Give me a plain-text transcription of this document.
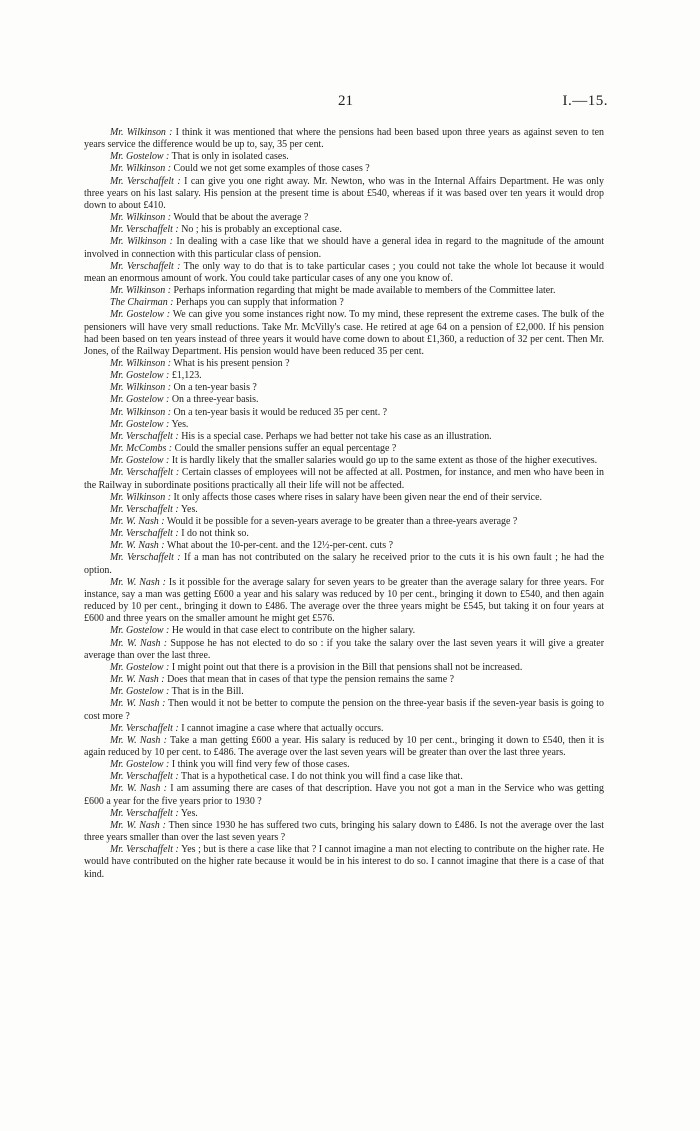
21	I.—15.

Mr. Wilkinson : I think it was mentioned that where the pensions had been based upon three years as against seven to ten years service the difference would be up to, say, 35 per cent.

Mr. Gostelow : That is only in isolated cases.

Mr. Wilkinson : Could we not get some examples of those cases ?

Mr. Verschaffelt : I can give you one right away. Mr. Newton, who was in the Internal Affairs Department. He was only three years on his last salary. His pension at the present time is about £540, whereas if it was based over ten years it would drop down to about £410.

Mr. Wilkinson : Would that be about the average ?

Mr. Verschaffelt : No ; his is probably an exceptional case.

Mr. Wilkinson : In dealing with a case like that we should have a general idea in regard to the magnitude of the amount involved in connection with this particular class of pension.

Mr. Verschaffelt : The only way to do that is to take particular cases ; you could not take the whole lot because it would mean an enormous amount of work. You could take particular cases of any one you know of.

Mr. Wilkinson : Perhaps information regarding that might be made available to members of the Committee later.

The Chairman : Perhaps you can supply that information ?

Mr. Gostelow : We can give you some instances right now. To my mind, these represent the extreme cases. The bulk of the pensioners will have very small reductions. Take Mr. McVilly's case. He retired at age 64 on a pension of £2,000. If his pension had been based on ten years instead of three years it would have come down to about £1,360, a reduction of 32 per cent. Then Mr. Jones, of the Railway Department. His pension would have been reduced 35 per cent.

Mr. Wilkinson : What is his present pension ?

Mr. Gostelow : £1,123.

Mr. Wilkinson : On a ten-year basis ?

Mr. Gostelow : On a three-year basis.

Mr. Wilkinson : On a ten-year basis it would be reduced 35 per cent. ?

Mr. Gostelow : Yes.

Mr. Verschaffelt : His is a special case. Perhaps we had better not take his case as an illustration.

Mr. McCombs : Could the smaller pensions suffer an equal percentage ?

Mr. Gostelow : It is hardly likely that the smaller salaries would go up to the same extent as those of the higher executives.

Mr. Verschaffelt : Certain classes of employees will not be affected at all. Postmen, for instance, and men who have been in the Railway in subordinate positions practically all their life will not be affected.

Mr. Wilkinson : It only affects those cases where rises in salary have been given near the end of their service.

Mr. Verschaffelt : Yes.

Mr. W. Nash : Would it be possible for a seven-years average to be greater than a three-years average ?

Mr. Verschaffelt : I do not think so.

Mr. W. Nash : What about the 10-per-cent. and the 12½-per-cent. cuts ?

Mr. Verschaffelt : If a man has not contributed on the salary he received prior to the cuts it is his own fault ; he had the option.

Mr. W. Nash : Is it possible for the average salary for seven years to be greater than the average salary for three years. For instance, say a man was getting £600 a year and his salary was reduced by 10 per cent., bringing it down to £540, and then again reduced by 10 per cent., bringing it down to £486. The average over the three years might be £545, but taking it on four years at £600 and three years on the smaller amount he might get £576.

Mr. Gostelow : He would in that case elect to contribute on the higher salary.

Mr. W. Nash : Suppose he has not elected to do so : if you take the salary over the last seven years it will give a greater average than over the last three.

Mr. Gostelow : I might point out that there is a provision in the Bill that pensions shall not be increased.

Mr. W. Nash : Does that mean that in cases of that type the pension remains the same ?

Mr. Gostelow : That is in the Bill.

Mr. W. Nash : Then would it not be better to compute the pension on the three-year basis if the seven-year basis is going to cost more ?

Mr. Verschaffelt : I cannot imagine a case where that actually occurs.

Mr. W. Nash : Take a man getting £600 a year. His salary is reduced by 10 per cent., bringing it down to £540, then it is again reduced by 10 per cent. to £486. The average over the last seven years will be greater than over the last three years.

Mr. Gostelow : I think you will find very few of those cases.

Mr. Verschaffelt : That is a hypothetical case. I do not think you will find a case like that.

Mr. W. Nash : I am assuming there are cases of that description. Have you not got a man in the Service who was getting £600 a year for the five years prior to 1930 ?

Mr. Verschaffelt : Yes.

Mr. W. Nash : Then since 1930 he has suffered two cuts, bringing his salary down to £486. Is not the average over the last three years smaller than over the last seven years ?

Mr. Verschaffelt : Yes ; but is there a case like that ? I cannot imagine a man not electing to contribute on the higher rate. He would have contributed on the higher rate because it would be in his interest to do so. I cannot imagine that there is a case of that kind.
